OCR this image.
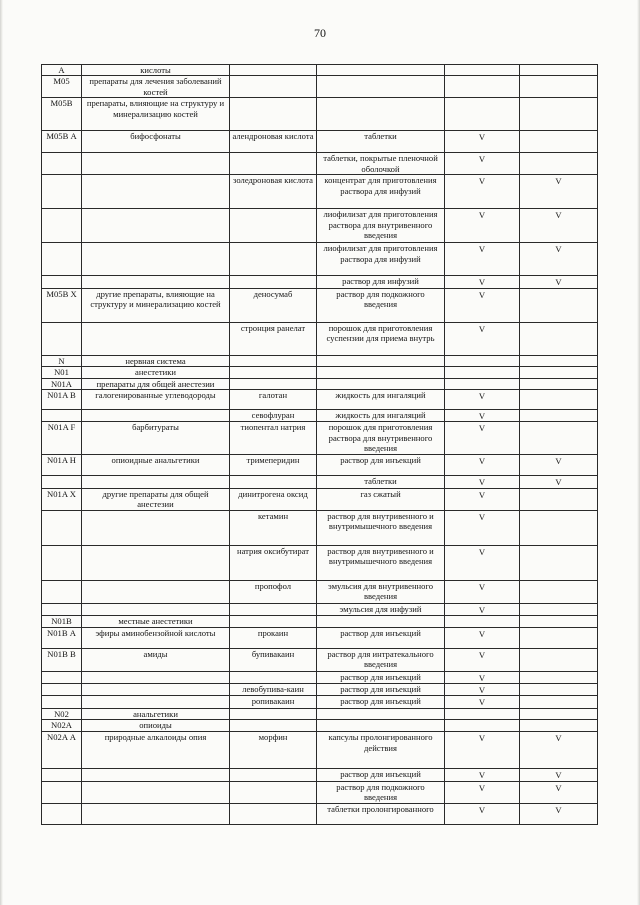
70
А	кислоты				
М05	препараты для лечения заболеваний костей				
М05В	препараты, влияющие на структуру и минерализацию костей				
М05В А	бифосфонаты	алендроновая кислота	таблетки	V	
			таблетки, покрытые пленочной оболочкой	V	
		золедроновая кислота	концентрат для приготовления раствора для инфузий	V	V
			лиофилизат для приготовления раствора для внутривенного введения	V	V
			лиофилизат для приготовления раствора для инфузий	V	V
			раствор для инфузий	V	V
М05В Х	другие препараты, влияющие на структуру и минерализацию костей	деносумаб	раствор для подкожного введения	V	
		стронция ранелат	порошок для приготовления суспензии для приема внутрь	V	
N	нервная система				
N01	анестетики				
N01A	препараты для общей анестезии				
N01A В	галогенированные углеводороды	галотан	жидкость для ингаляций	V	
		севофлуран	жидкость для ингаляций	V	
N01A F	барбитураты	тиопентал натрия	порошок для приготовления раствора для внутривенного введения	V	
N01A Н	опиоидные анальгетики	тримеперидин	раствор для инъекций	V	V
			таблетки	V	V
N01A Х	другие препараты для общей анестезии	динитрогена оксид	газ сжатый	V	
		кетамин	раствор для внутривенного и внутримышечного введения	V	
		натрия оксибутират	раствор для внутривенного и внутримышечного введения	V	
		пропофол	эмульсия для внутривенного введения	V	
			эмульсия для инфузий	V	
N01В	местные анестетики				
N01В А	эфиры аминобензойной кислоты	прокаин	раствор для инъекций	V	
N01В В	амиды	бупивакаин	раствор для интратекального введения	V	
			раствор для инъекций	V	
		левобупива-каин	раствор для инъекций	V	
		ропивакаин	раствор для инъекций	V	
N02	анальгетики				
N02A	опиоиды				
N02A А	природные алкалоиды опия	морфин	капсулы пролонгированного действия	V	V
			раствор для инъекций	V	V
			раствор для подкожного введения	V	V
			таблетки пролонгированного	V	V
